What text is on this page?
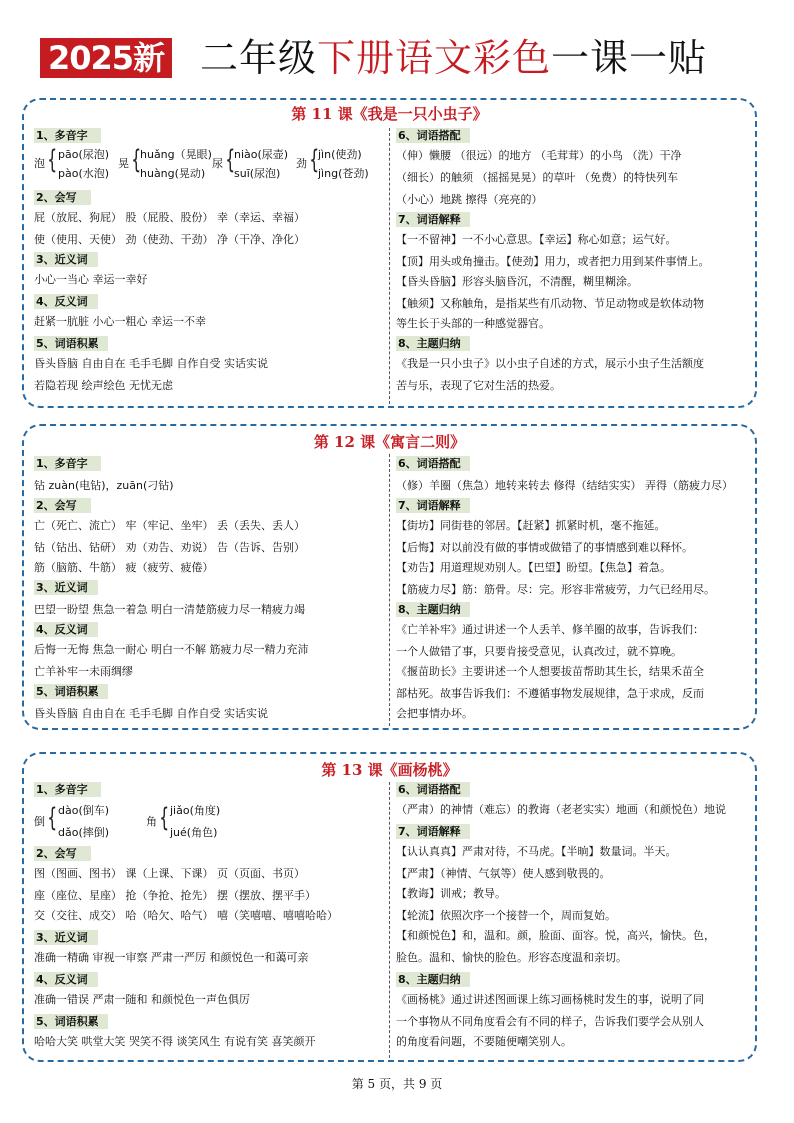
2025新 二年级下册语文彩色一课一贴
第 11 课《我是一只小虫子》
1、多音字
泡 { pāo(尿泡)
pào(水泡)
晃 {
huǎng（晃眼)
huàng(晃动)
尿 {
niào(尿壶)
suī(尿泡)
劲 {
jìn(使劲)
jìng(苍劲)
2、会写
屁（放屁、狗屁） 股（屁股、股份） 幸（幸运、幸福）
使（使用、天使） 劲（使劲、干劲） 净（干净、净化）
3、近义词
小心一当心 幸运一幸好
4、反义词
赶紧一肮脏 小心一粗心 幸运一不幸
5、词语积累
昏头昏脑 自由自在 毛手毛脚 自作自受 实话实说
若隐若现 绘声绘色 无忧无虑
6、词语搭配
（伸）懒腰 （很远）的地方 （毛茸茸）的小鸟 （洗）干净
（细长）的触须 （摇摇晃晃）的草叶 （免费）的特快列车
（小心）地跳 擦得（亮亮的）
7、词语解释
【一不留神】一不小心意思。【幸运】称心如意；运气好。
【顶】用头或角撞击。【使劲】用力，或者把力用到某件事情上。
【昏头昏脑】形容头脑昏沉，不清醒，糊里糊涂。
【触须】又称触角，是指某些有爪动物、节足动物或是软体动物
等生长于头部的一种感觉器官。
8、主题归纳
《我是一只小虫子》以小虫子自述的方式，展示小虫子生活额度
苦与乐，表现了它对生活的热爱。
第 12 课《寓言二则》
1、多音字
钻 zuàn(电钻)，zuān(刁钻)
2、会写
亡（死亡、流亡） 牢（牢记、坐牢） 丢（丢失、丢人）
钻（钻出、钻研） 劝（劝告、劝说） 告（告诉、告别）
筋（脑筋、牛筋） 疲（疲劳、疲倦）
3、近义词
巴望一盼望 焦急一着急 明白一清楚筋疲力尽一精疲力竭
4、反义词
后悔一无悔 焦急一耐心 明白一不解 筋疲力尽一精力充沛
亡羊补牢一未雨绸缪
5、词语积累
昏头昏脑 自由自在 毛手毛脚 自作自受 实话实说
6、词语搭配
（修）羊圈（焦急）地转来转去 修得（结结实实） 弄得（筋疲力尽）
7、词语解释
【街坊】同街巷的邻居。【赶紧】抓紧时机，毫不拖延。
【后悔】对以前没有做的事情或做错了的事情感到难以释怀。
【劝告】用道理规劝别人。【巴望】盼望。【焦急】着急。
【筋疲力尽】筋：筋骨。尽：完。形容非常疲劳，力气已经用尽。
8、主题归纳
《亡羊补牢》通过讲述一个人丢羊、修羊圈的故事，告诉我们：
一个人做错了事，只要肯接受意见，认真改过，就不算晚。
《揠苗助长》主要讲述一个人想要拔苗帮助其生长，结果禾苗全
部枯死。故事告诉我们：不遵循事物发展规律，急于求成，反而
会把事情办坏。
第 13 课《画杨桃》
1、多音字
倒 { dào(倒车)
dǎo(摔倒)
角 { jiǎo(角度)
jué(角色)
2、会写
图（图画、图书） 课（上课、下课） 页（页面、书页）
座（座位、星座） 抢（争抢、抢先） 摆（摆放、摆平手）
交（交往、成交） 哈（哈欠、哈气） 嘻（笑嘻嘻、嘻嘻哈哈）
3、近义词
准确一精确 审视一审察 严肃一严厉 和颜悦色一和蔼可亲
4、反义词
准确一错误 严肃一随和 和颜悦色一声色俱厉
5、词语积累
哈哈大笑 哄堂大笑 哭笑不得 谈笑风生 有说有笑 喜笑颜开
6、词语搭配
（严肃）的神情（难忘）的教诲（老老实实）地画（和颜悦色）地说
7、词语解释
【认认真真】严肃对待，不马虎。【半晌】数量词。半天。
【严肃】（神情、气氛等）使人感到敬畏的。
【教诲】训戒；教导。
【轮流】依照次序一个接替一个，周而复始。
【和颜悦色】和，温和。颜，脸面、面容。悦，高兴，愉快。色，
脸色。温和、愉快的脸色。形容态度温和亲切。
8、主题归纳
《画杨桃》通过讲述图画课上练习画杨桃时发生的事，说明了同
一个事物从不同角度看会有不同的样子，告诉我们要学会从别人
的角度看问题，不要随便嘲笑别人。
第 5 页，共 9 页
